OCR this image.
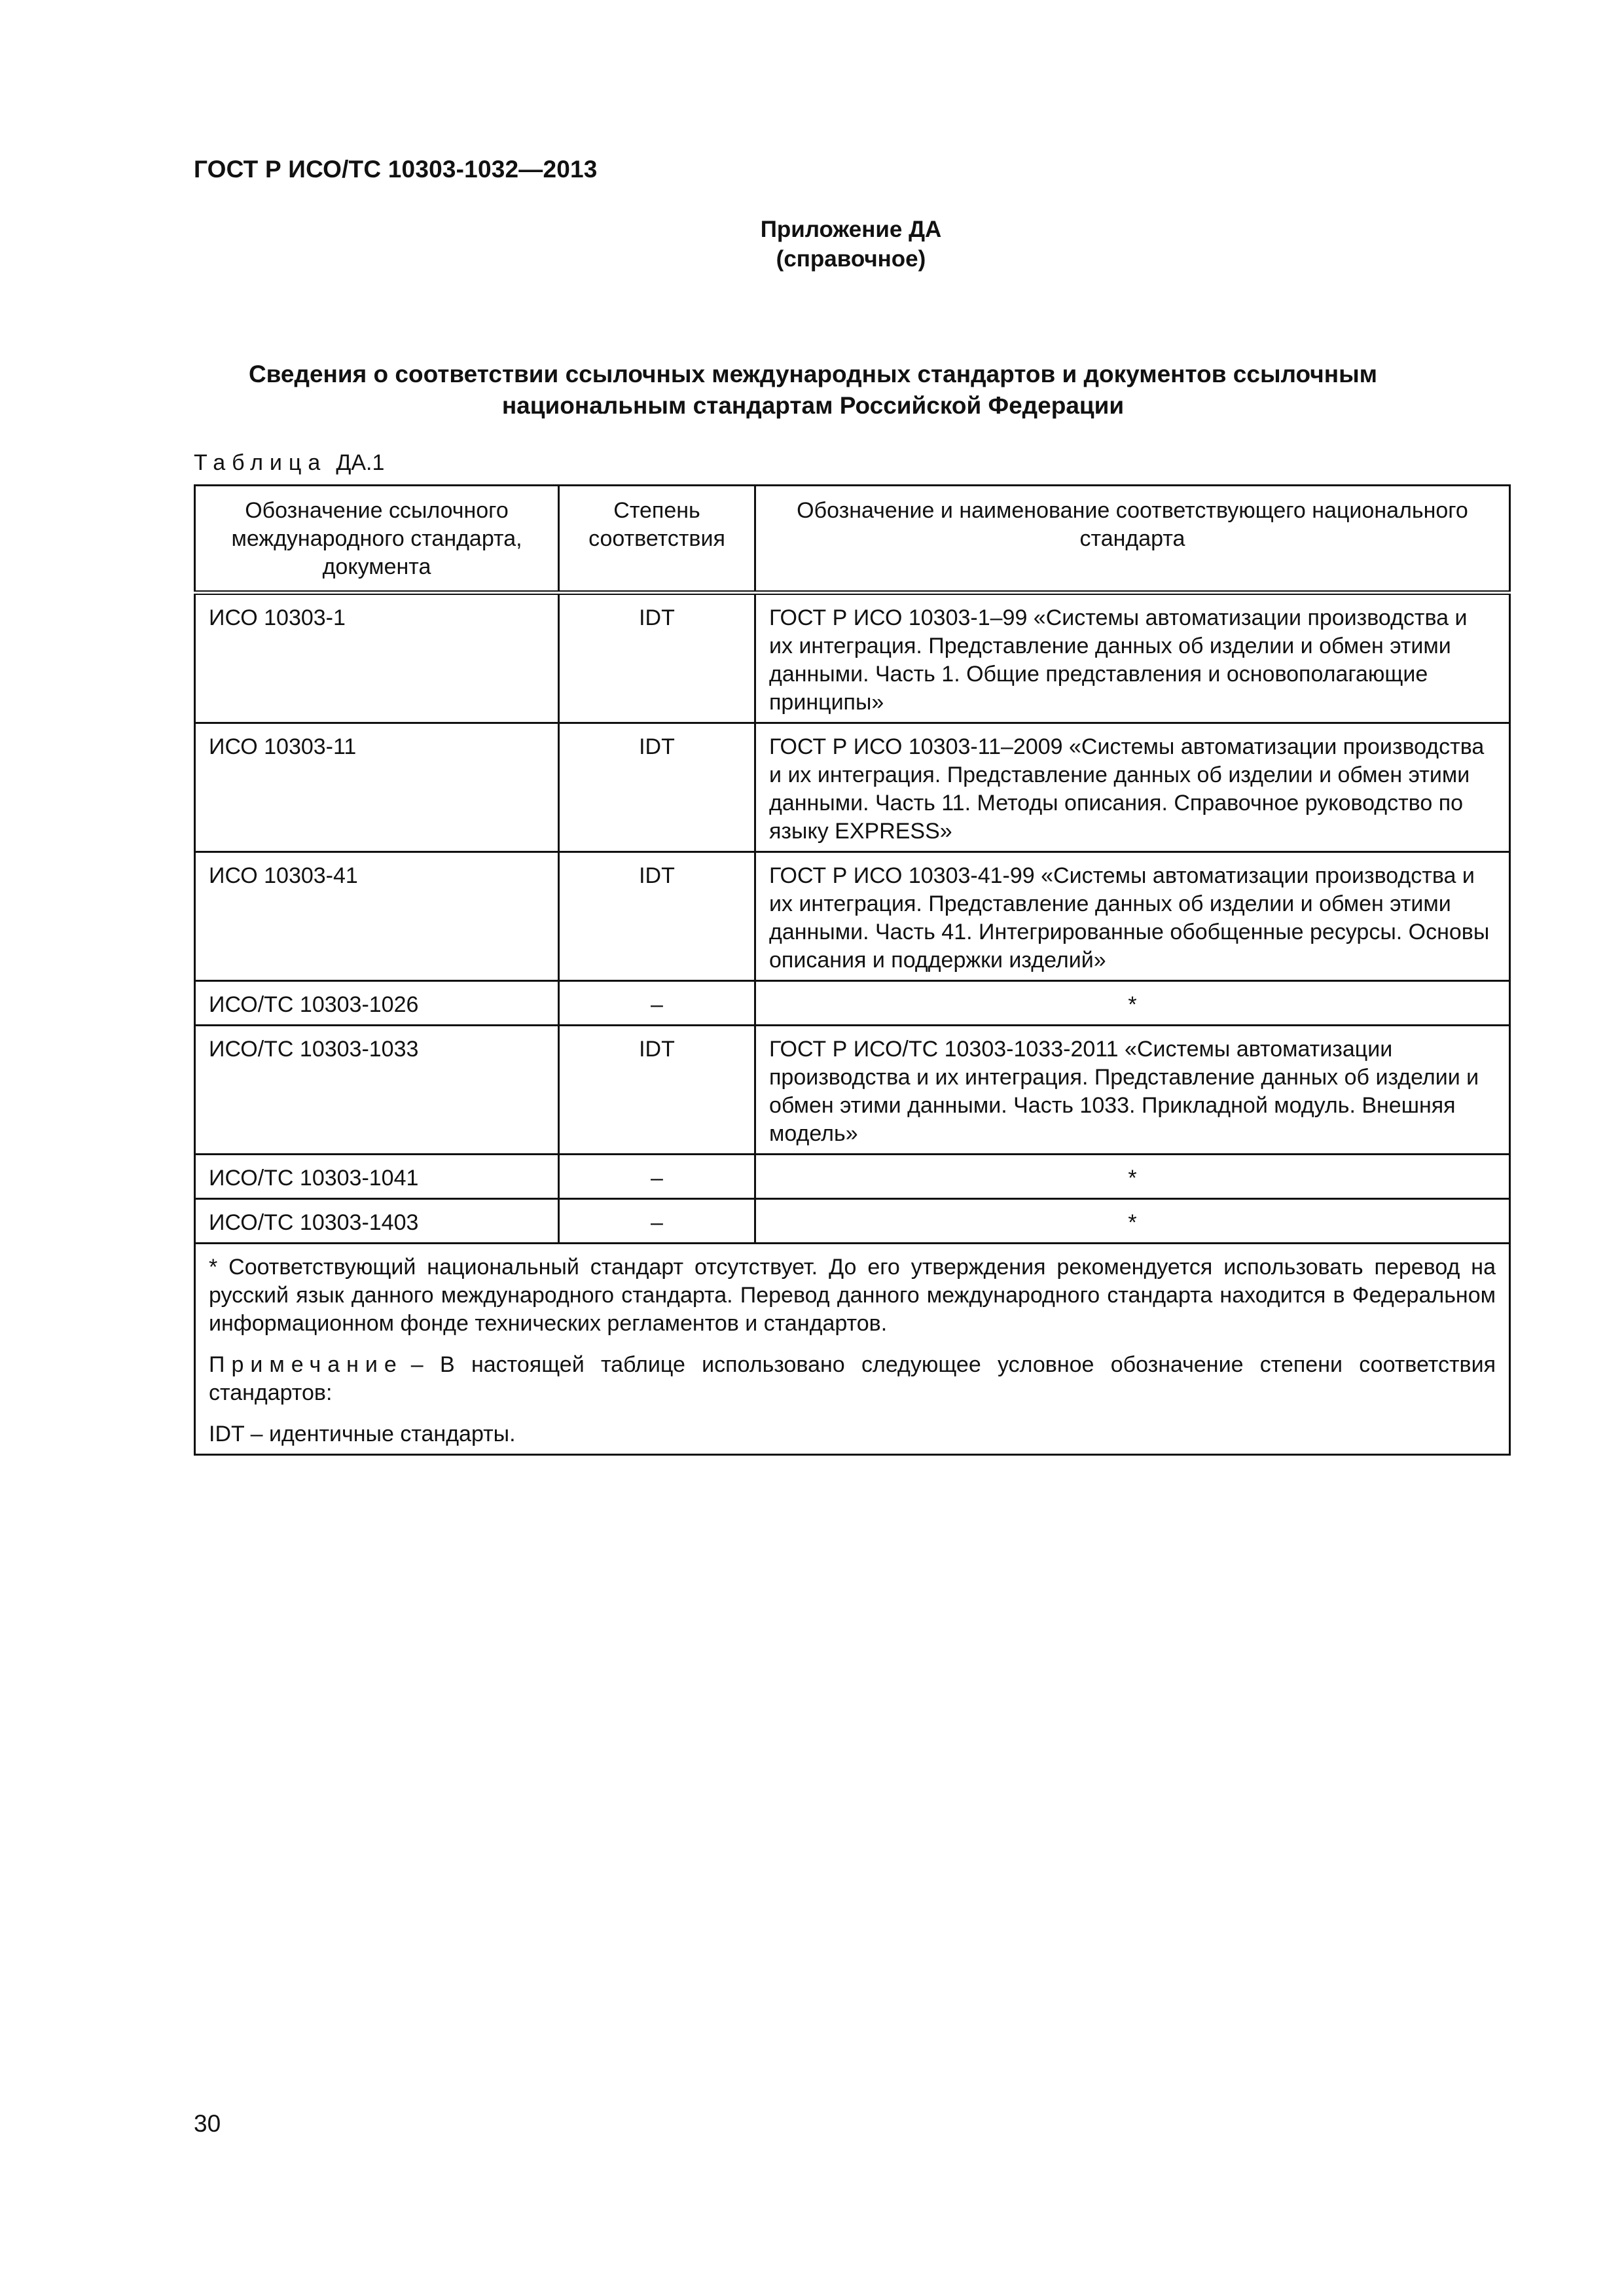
ГОСТ Р ИСО/ТС 10303-1032—2013
Приложение ДА
(справочное)
Сведения о соответствии ссылочных международных стандартов и документов ссылочным
национальным стандартам Российской Федерации
Таблица ДА.1
Обозначение ссылочного международного стандарта, документа	Степень соответствия	Обозначение и наименование соответствующего национального стандарта
ИСО 10303-1	IDT	ГОСТ Р ИСО 10303-1–99 «Системы автоматизации производства и их интеграция. Представление данных об изделии и обмен этими данными. Часть 1. Общие представления и основополагающие принципы»
ИСО 10303-11	IDT	ГОСТ Р ИСО 10303-11–2009 «Системы автоматизации производства и их интеграция. Представление данных об изделии и обмен этими данными. Часть 11. Методы описания. Справочное руководство по языку EXPRESS»
ИСО 10303-41	IDT	ГОСТ Р ИСО 10303-41-99 «Системы автоматизации производства и их интеграция. Представление данных об изделии и обмен этими данными. Часть 41. Интегрированные обобщенные ресурсы. Основы описания и поддержки изделий»
ИСО/ТС 10303-1026	–	*
ИСО/ТС 10303-1033	IDT	ГОСТ Р ИСО/ТС 10303-1033-2011 «Системы автоматизации производства и их интеграция. Представление данных об изделии и обмен этими данными. Часть 1033. Прикладной модуль. Внешняя модель»
ИСО/ТС 10303-1041	–	*
ИСО/ТС 10303-1403	–	*

* Соответствующий национальный стандарт отсутствует. До его утверждения рекомендуется использовать перевод на русский язык данного международного стандарта. Перевод данного международного стандарта находится в Федеральном информационном фонде технических регламентов и стандартов.

Примечание – В настоящей таблице использовано следующее условное обозначение степени соответствия стандартов:

IDT – идентичные стандарты.		

30
